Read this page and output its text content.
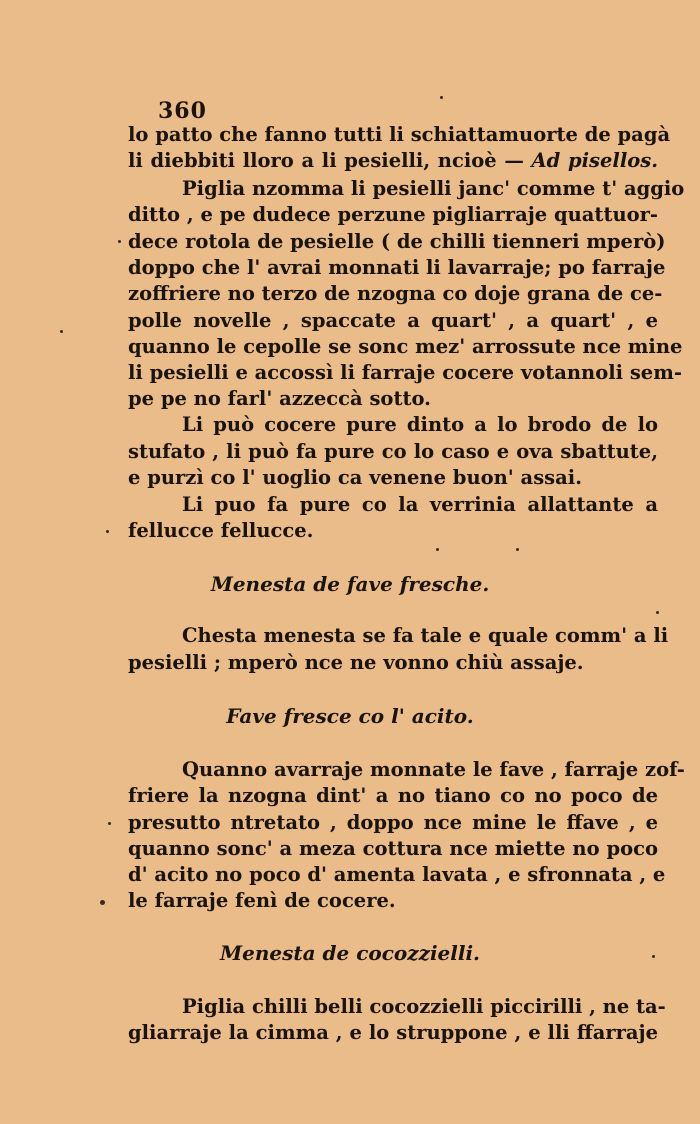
360
lo patto che fanno tutti li schiattamuorte de pagà
li diebbiti lloro a li pesielli, ncioè — Ad pisellos.
Piglia nzomma li pesielli janc' comme t' aggio
ditto , e pe dudece perzune pigliarraje quattuor-
dece rotola de pesielle ( de chilli tienneri mperò)
doppo che l' avrai monnati li lavarraje; po farraje
zoffriere no terzo de nzogna co doje grana de ce-
polle novelle , spaccate a quart' , a quart' , e
quanno le cepolle se sonc mez' arrossute nce mine
li pesielli e accossì li farraje cocere votannoli sem-
pe pe no farl' azzeccà sotto.
Li può cocere pure dinto a lo brodo de lo
stufato , li può fa pure co lo caso e ova sbattute,
e purzì co l' uoglio ca venene buon' assai.
Li puo fa pure co la verrinia allattante a
fellucce fellucce.
Menesta de fave fresche.
Chesta menesta se fa tale e quale comm' a li
pesielli ; mperò nce ne vonno chiù assaje.
Fave fresce co l' acito.
Quanno avarraje monnate le fave , farraje zof-
friere la nzogna dint' a no tiano co no poco de
presutto ntretato , doppo nce mine le ffave , e
quanno sonc' a meza cottura nce miette no poco
d' acito no poco d' amenta lavata , e sfronnata , e
le farraje fenì de cocere.
Menesta de cocozzielli.
Piglia chilli belli cocozzielli piccirilli , ne ta-
gliarraje la cimma , e lo struppone , e lli ffarraje
